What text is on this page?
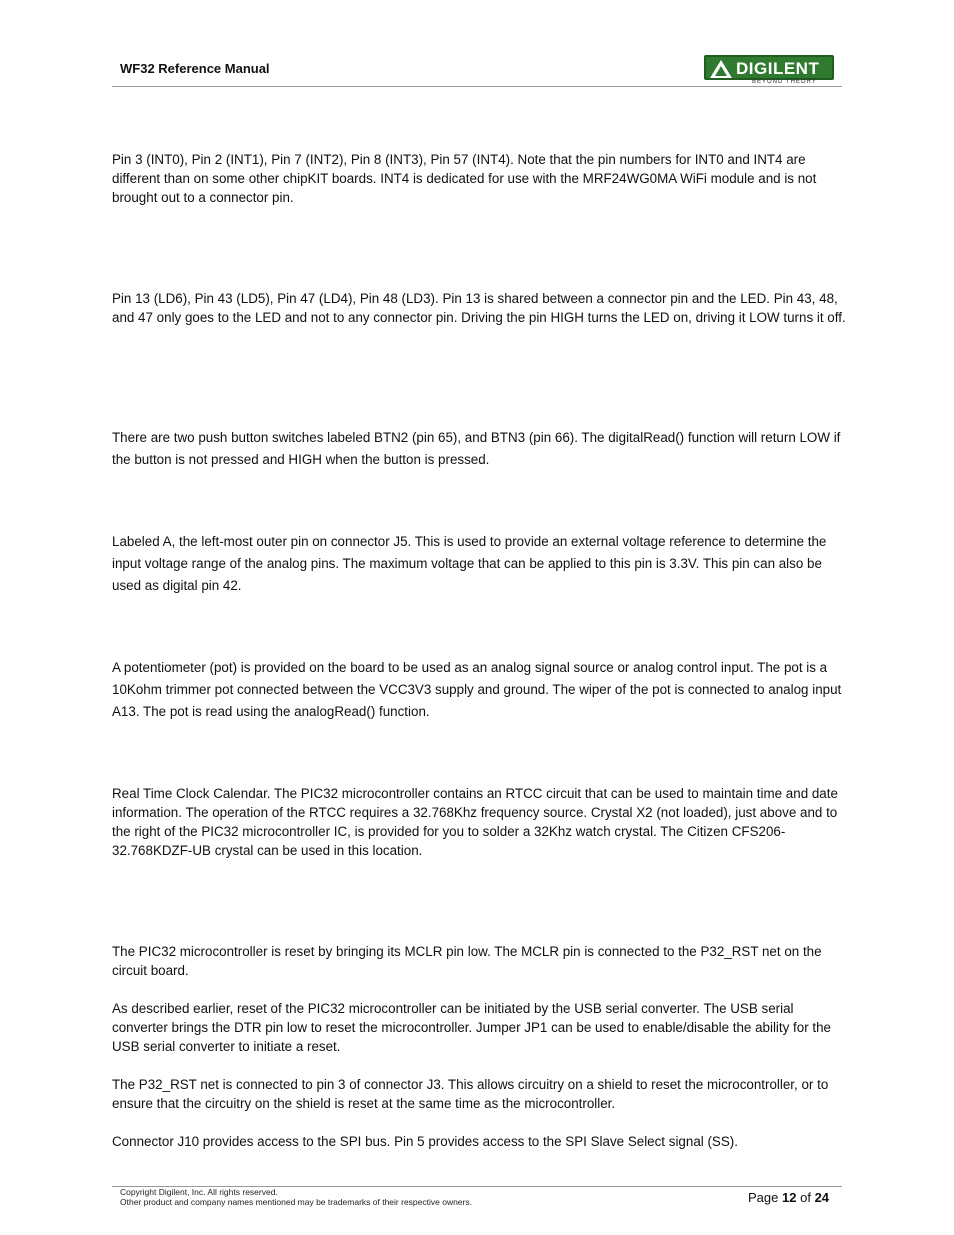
WF32 Reference Manual	DIGILENT
BEYOND THEORY

Pin 3 (INT0), Pin 2 (INT1), Pin 7 (INT2), Pin 8 (INT3), Pin 57 (INT4). Note that the pin numbers for INT0 and INT4 are different than on some other chipKIT boards. INT4 is dedicated for use with the MRF24WG0MA WiFi module and is not brought out to a connector pin.

Pin 13 (LD6), Pin 43 (LD5), Pin 47 (LD4), Pin 48 (LD3). Pin 13 is shared between a connector pin and the LED. Pin 43, 48, and 47 only goes to the LED and not to any connector pin. Driving the pin HIGH turns the LED on, driving it LOW turns it off.

There are two push button switches labeled BTN2 (pin 65), and BTN3 (pin 66). The digitalRead() function will return LOW if the button is not pressed and HIGH when the button is pressed.

Labeled A, the left-most outer pin on connector J5. This is used to provide an external voltage reference to determine the input voltage range of the analog pins. The maximum voltage that can be applied to this pin is 3.3V. This pin can also be used as digital pin 42.

A potentiometer (pot) is provided on the board to be used as an analog signal source or analog control input. The pot is a 10Kohm trimmer pot connected between the VCC3V3 supply and ground. The wiper of the pot is connected to analog input A13. The pot is read using the analogRead() function.

Real Time Clock Calendar. The PIC32 microcontroller contains an RTCC circuit that can be used to maintain time and date information. The operation of the RTCC requires a 32.768Khz frequency source. Crystal X2 (not loaded), just above and to the right of the PIC32 microcontroller IC, is provided for you to solder a 32Khz watch crystal. The Citizen CFS206-32.768KDZF-UB crystal can be used in this location.

The PIC32 microcontroller is reset by bringing its MCLR pin low. The MCLR pin is connected to the P32_RST net on the circuit board.

As described earlier, reset of the PIC32 microcontroller can be initiated by the USB serial converter. The USB serial converter brings the DTR pin low to reset the microcontroller. Jumper JP1 can be used to enable/disable the ability for the USB serial converter to initiate a reset.

The P32_RST net is connected to pin 3 of connector J3. This allows circuitry on a shield to reset the microcontroller, or to ensure that the circuitry on the shield is reset at the same time as the microcontroller.

Connector J10 provides access to the SPI bus. Pin 5 provides access to the SPI Slave Select signal (SS).

Copyright Digilent, Inc. All rights reserved.
Other product and company names mentioned may be trademarks of their respective owners.	Page 12 of 24
